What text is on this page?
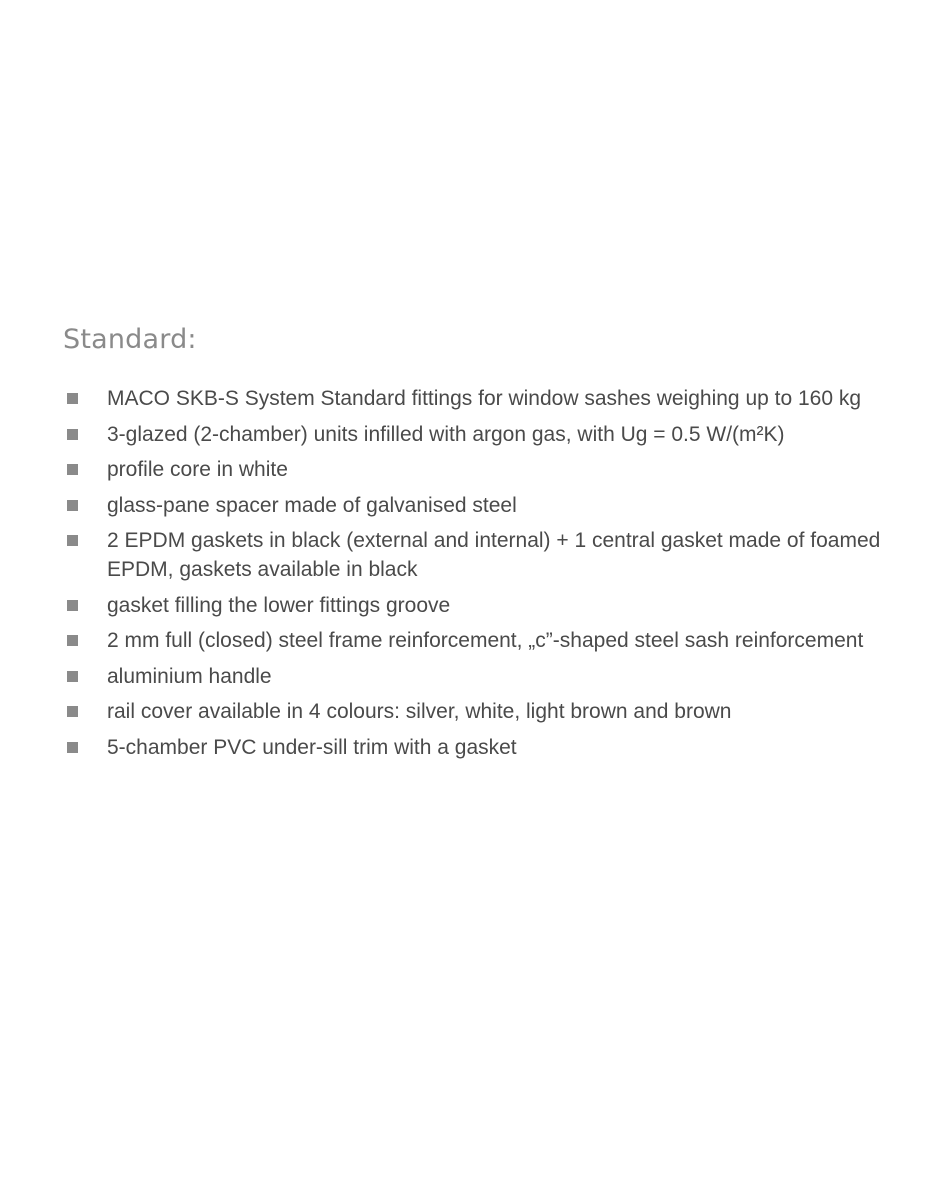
Standard:
MACO SKB-S System Standard fittings for window sashes weighing up to 160 kg
3-glazed (2-chamber) units infilled with argon gas, with Ug = 0.5 W/(m²K)
profile core in white
glass-pane spacer made of galvanised steel
2 EPDM gaskets in black (external and internal) + 1 central gasket made of foamed EPDM, gaskets available in black
gasket filling the lower fittings groove
2 mm full (closed) steel frame reinforcement, „c”-shaped steel sash reinforcement
aluminium handle
rail cover available in 4 colours: silver, white, light brown and brown
5-chamber PVC under-sill trim with a gasket
